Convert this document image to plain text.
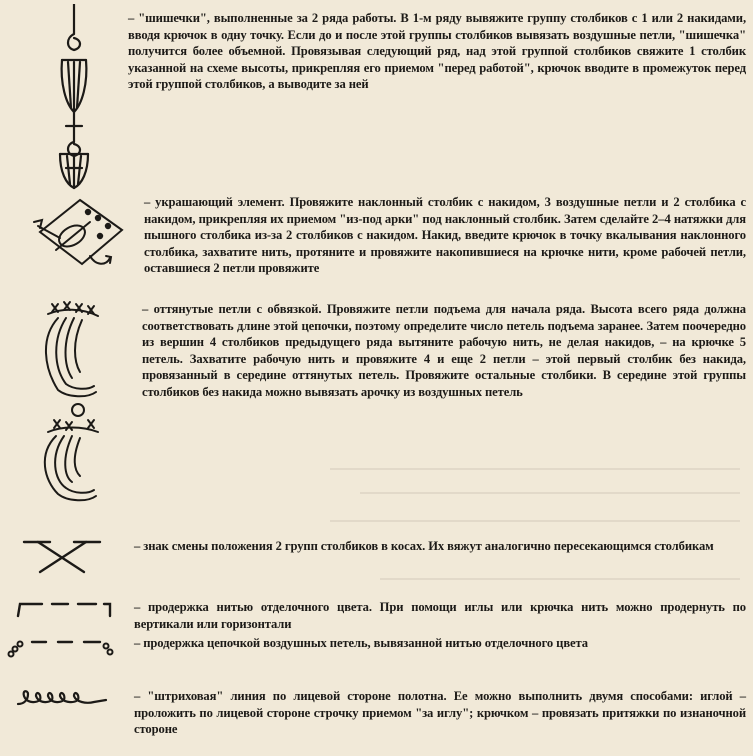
– "шишечки", выполненные за 2 ряда работы. В 1-м ряду вывяжите группу столбиков с 1 или 2 накидами, вводя крючок в одну точку. Если до и после этой группы столбиков вывязать воздушные петли, "шишечка" получится более объемной. Провязывая следующий ряд, над этой группой столбиков свяжите 1 столбик указанной на схеме высоты, прикрепляя его приемом "перед работой", крючок вводите в промежуток перед этой группой столбиков, а выводите за ней

– украшающий элемент. Провяжите наклонный столбик с накидом, 3 воздушные петли и 2 столбика с накидом, прикрепляя их приемом "из-под арки" под наклонный столбик. Затем сделайте 2–4 натяжки для пышного столбика из-за 2 столбиков с накидом. Накид, введите крючок в точку вкалывания наклонного столбика, захватите нить, протяните и провяжите накопившиеся на крючке нити, кроме рабочей петли, оставшиеся 2 петли провяжите

– оттянутые петли с обвязкой. Провяжите петли подъема для начала ряда. Высота всего ряда должна соответствовать длине этой цепочки, поэтому определите число петель подъема заранее. Затем поочередно из вершин 4 столбиков предыдущего ряда вытяните рабочую нить, не делая накидов, – на крючке 5 петель. Захватите рабочую нить и провяжите 4 и еще 2 петли – этой первый столбик без накида, провязанный в середине оттянутых петель. Провяжите остальные столбики. В середине этой группы столбиков без накида можно вывязать арочку из воздушных петель

– знак смены положения 2 групп столбиков в косах. Их вяжут аналогично пересекающимся столбикам

– продержка нитью отделочного цвета. При помощи иглы или крючка нить можно продернуть по вертикали или горизонтали

– продержка цепочкой воздушных петель, вывязанной нитью отделочного цвета

– "штриховая" линия по лицевой стороне полотна. Ее можно выполнить двумя способами: иглой – проложить по лицевой стороне строчку приемом "за иглу"; крючком – провязать притяжки по изнаночной стороне
